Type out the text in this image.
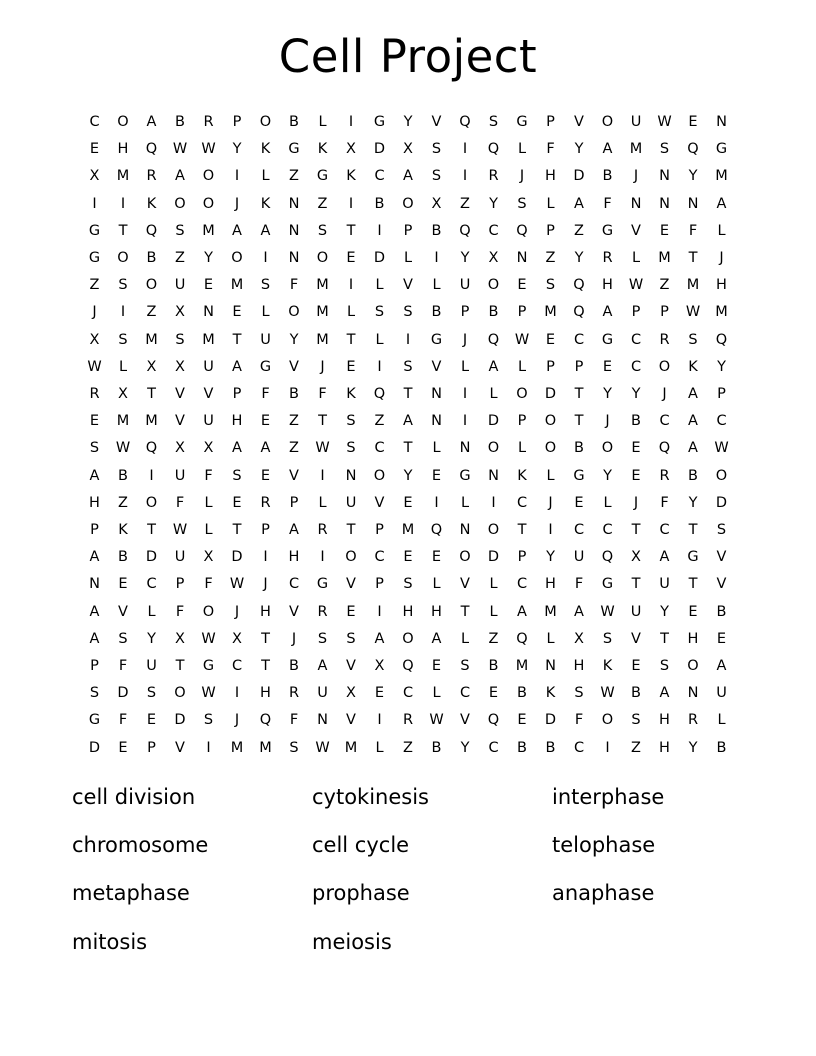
Cell Project
C	O	A	B	R	P	O	B	L	I	G	Y	V	Q	S	G	P	V	O	U	W	E	N
E	H	Q	W	W	Y	K	G	K	X	D	X	S	I	Q	L	F	Y	A	M	S	Q	G
X	M	R	A	O	I	L	Z	G	K	C	A	S	I	R	J	H	D	B	J	N	Y	M
I	I	K	O	O	J	K	N	Z	I	B	O	X	Z	Y	S	L	A	F	N	N	N	A
G	T	Q	S	M	A	A	N	S	T	I	P	B	Q	C	Q	P	Z	G	V	E	F	L
G	O	B	Z	Y	O	I	N	O	E	D	L	I	Y	X	N	Z	Y	R	L	M	T	J
Z	S	O	U	E	M	S	F	M	I	L	V	L	U	O	E	S	Q	H	W	Z	M	H
J	I	Z	X	N	E	L	O	M	L	S	S	B	P	B	P	M	Q	A	P	P	W	M
X	S	M	S	M	T	U	Y	M	T	L	I	G	J	Q	W	E	C	G	C	R	S	Q
W	L	X	X	U	A	G	V	J	E	I	S	V	L	A	L	P	P	E	C	O	K	Y
R	X	T	V	V	P	F	B	F	K	Q	T	N	I	L	O	D	T	Y	Y	J	A	P
E	M	M	V	U	H	E	Z	T	S	Z	A	N	I	D	P	O	T	J	B	C	A	C
S	W	Q	X	X	A	A	Z	W	S	C	T	L	N	O	L	O	B	O	E	Q	A	W
A	B	I	U	F	S	E	V	I	N	O	Y	E	G	N	K	L	G	Y	E	R	B	O
H	Z	O	F	L	E	R	P	L	U	V	E	I	L	I	C	J	E	L	J	F	Y	D
P	K	T	W	L	T	P	A	R	T	P	M	Q	N	O	T	I	C	C	T	C	T	S
A	B	D	U	X	D	I	H	I	O	C	E	E	O	D	P	Y	U	Q	X	A	G	V
N	E	C	P	F	W	J	C	G	V	P	S	L	V	L	C	H	F	G	T	U	T	V
A	V	L	F	O	J	H	V	R	E	I	H	H	T	L	A	M	A	W	U	Y	E	B
A	S	Y	X	W	X	T	J	S	S	A	O	A	L	Z	Q	L	X	S	V	T	H	E
P	F	U	T	G	C	T	B	A	V	X	Q	E	S	B	M	N	H	K	E	S	O	A
S	D	S	O	W	I	H	R	U	X	E	C	L	C	E	B	K	S	W	B	A	N	U
G	F	E	D	S	J	Q	F	N	V	I	R	W	V	Q	E	D	F	O	S	H	R	L
D	E	P	V	I	M	M	S	W	M	L	Z	B	Y	C	B	B	C	I	Z	H	Y	B
cell division	cytokinesis	interphase
chromosome	cell cycle	telophase
metaphase	prophase	anaphase
mitosis	meiosis	
